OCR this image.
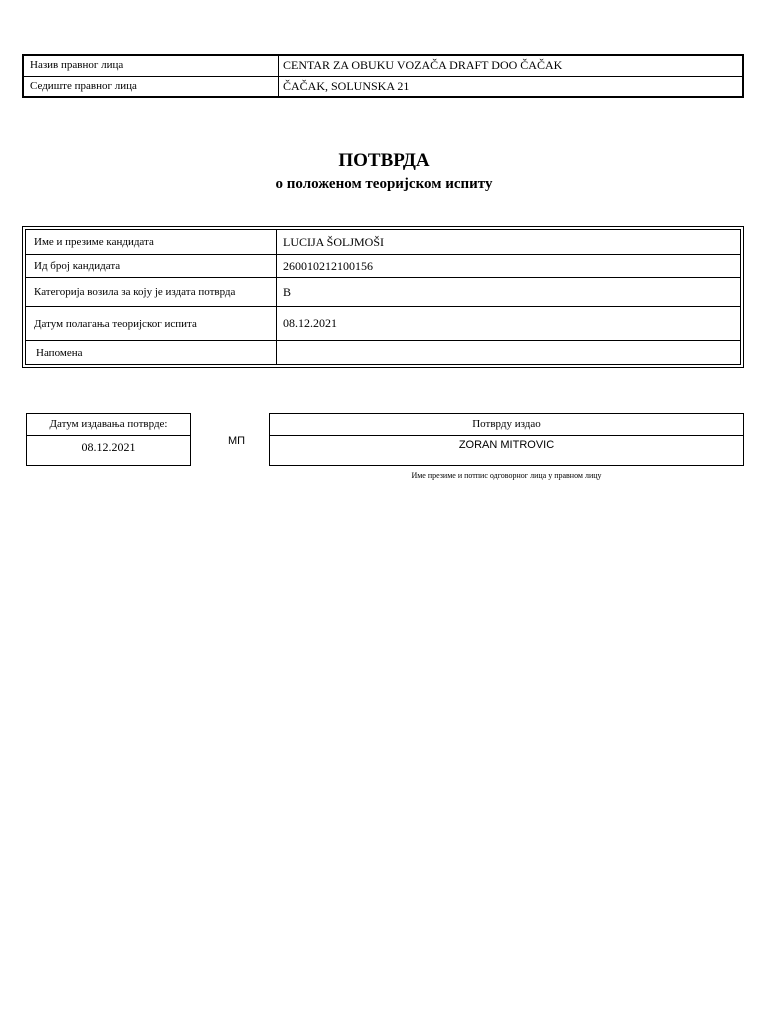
Назив правног лица	CENTAR ZA OBUKU VOZAČA DRAFT DOO ČAČAK
Седиште правног лица	ČAČAK, SOLUNSKA 21
ПОТВРДА
о положеном теоријском испиту
Име и презиме кандидата	LUCIJA ŠOLJMOŠI
Ид број кандидата	260010212100156
Категорија возила за коју је издата потврда	B
Датум полагања теоријског испита	08.12.2021
Напомена
Датум издавања потврде:
08.12.2021	МП
Потврду издао
ZORAN MITROVIC
Име презиме и потпис одговорног лица у правном лицу
